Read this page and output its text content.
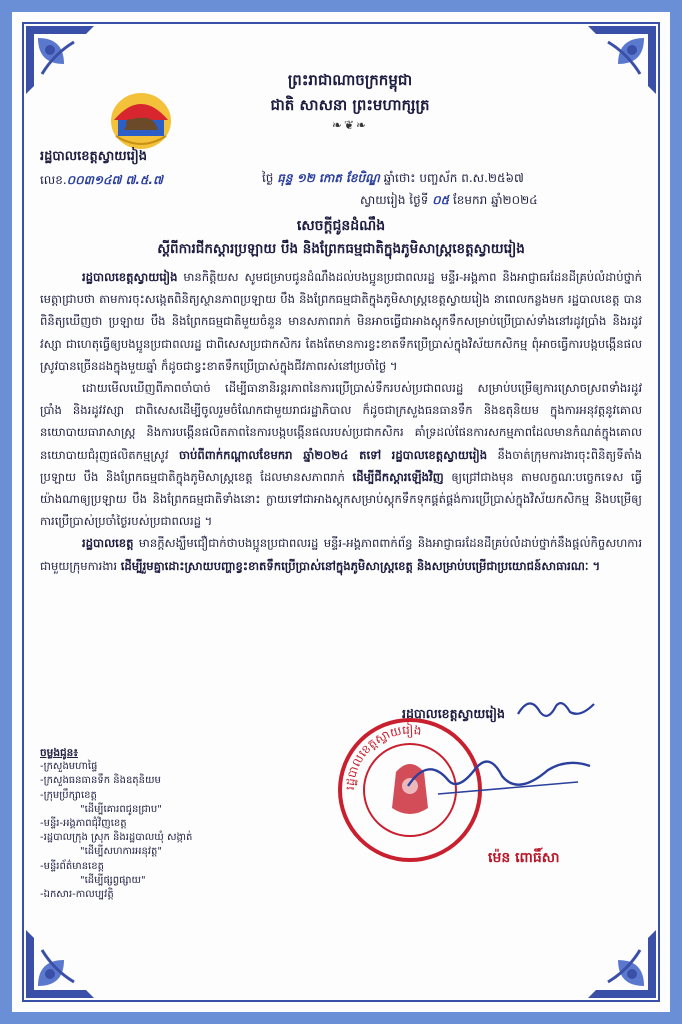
ព្រះរាជាណាចក្រកម្ពុជា
ជាតិ សាសនា ព្រះមហាក្សត្រ
❧❦❧
រដ្ឋបាលខេត្តស្វាយរៀង
លេខ.០០៣១៤៧ ៧.៥.៧	ថ្ងៃ ធុន្ទ ១២ កោត ខែបិណ្ឌ ឆ្នាំថោះ បញ្ចស័ក ព.ស.២៥៦៧
ស្វាយរៀង ថ្ងៃទី ០៥ ខែមករា ឆ្នាំ២០២៤
សេចក្តីជូនដំណឹង
ស្តីពីការជីកស្តារប្រឡាយ បឹង និងព្រែកធម្មជាតិក្នុងភូមិសាស្ត្រខេត្តស្វាយរៀង

រដ្ឋបាលខេត្តស្វាយរៀង មានកិត្តិយស សូមជម្រាបជូនដំណឹងដល់បងប្អូនប្រជាពលរដ្ឋ មន្ទីរ-អង្គភាព និងអាជ្ញាធរដែនដីគ្រប់លំដាប់ថ្នាក់ មេត្តាជ្រាបថា តាមការចុះសង្កេតពិនិត្យស្ថានភាពប្រឡាយ បឹង និងព្រែកធម្មជាតិក្នុងភូមិសាស្ត្រខេត្តស្វាយរៀង នាពេលកន្លងមក រដ្ឋបាលខេត្ត បានពិនិត្យឃើញថា ប្រឡាយ បឹង និងព្រែកធម្មជាតិមួយចំនួន មានសភាពរាក់ មិនអាចធ្វើជាអាងស្តុកទឹកសម្រាប់ប្រើប្រាស់ទាំងនៅរដូវប្រាំង និងរដូវវស្សា ជាហេតុធ្វើឲ្យបងប្អូនប្រជាពលរដ្ឋ ជាពិសេសប្រជាកសិករ តែងតែមានការខ្វះខាតទឹកប្រើប្រាស់ក្នុងវិស័យកសិកម្ម ពុំអាចធ្វើការបង្កបង្កើនផលស្រូវបានច្រើនដងក្នុងមួយឆ្នាំ ក៏ដូចជាខ្វះខាតទឹកប្រើប្រាស់ក្នុងជីវភាពរស់នៅប្រចាំថ្ងៃ ។

ដោយមើលឃើញពីភាពចាំបាច់ ដើម្បីធានានិរន្តរភាពនៃការប្រើប្រាស់ទឹករបស់ប្រជាពលរដ្ឋ សម្រាប់បម្រើឲ្យការស្រោចស្រពទាំងរដូវប្រាំង និងរដូវវស្សា ជាពិសេសដើម្បីចូលរួមចំណែកជាមួយរាជរដ្ឋាភិបាល ក៏ដូចជាក្រសួងធនធានទឹក និងឧតុនិយម ក្នុងការអនុវត្តនូវគោលនយោបាយធារាសាស្ត្រ និងការបង្កើនផលិតភាពនៃការបង្កបង្កើនផលរបស់ប្រជាកសិករ គាំទ្រដល់ផែនការសកម្មភាពដែលមានកំណត់ក្នុងគោលនយោបាយជំរុញផលិតកម្មស្រូវ ចាប់ពីពាក់កណ្តាលខែមករា ឆ្នាំ២០២៤ តទៅ រដ្ឋបាលខេត្តស្វាយរៀង នឹងចាត់ក្រុមការងារចុះពិនិត្យទីតាំងប្រឡាយ បឹង និងព្រែកធម្មជាតិក្នុងភូមិសាស្ត្រខេត្ត ដែលមានសភាពរាក់ ដើម្បីជីកស្តារឡើងវិញ ឲ្យជ្រៅជាងមុន តាមលក្ខណៈបច្ចេកទេស ធ្វើយ៉ាងណាឲ្យប្រឡាយ បឹង និងព្រែកធម្មជាតិទាំងនោះ ក្លាយទៅជាអាងស្តុកសម្រាប់ស្តុកទឹកទុកផ្គត់ផ្គង់ការប្រើប្រាស់ក្នុងវិស័យកសិកម្ម និងបម្រើឲ្យការប្រើប្រាស់ប្រចាំថ្ងៃរបស់ប្រជាពលរដ្ឋ ។

រដ្ឋបាលខេត្ត មានក្តីសង្ឃឹមជឿជាក់ថាបងប្អូនប្រជាពលរដ្ឋ មន្ទីរ-អង្គភាពពាក់ព័ន្ធ និងអាជ្ញាធរដែនដីគ្រប់លំដាប់ថ្នាក់នឹងផ្តល់កិច្ចសហការជាមួយក្រុមការងារ ដើម្បីរួមគ្នាដោះស្រាយបញ្ហាខ្វះខាតទឹកប្រើប្រាស់នៅក្នុងភូមិសាស្ត្រខេត្ត និងសម្រាប់បម្រើជាប្រយោជន៍សាធារណៈ ។

រដ្ឋបាលខេត្តស្វាយរៀង
រដ្ឋបាលខេត្តស្វាយរៀង
ម៉េន ពោធិ៍សា
ចម្លងជូន៖
-ក្រសួងមហាផ្ទៃ
-ក្រសួងធនធានទឹក និងឧតុនិយម
-ក្រុមប្រឹក្សាខេត្ត
"ដើម្បីគោរពជូនជ្រាប"
-មន្ទីរ-អង្គភាពជុំវិញខេត្ត
-រដ្ឋបាលក្រុង ស្រុក និងរដ្ឋបាលឃុំ សង្កាត់
"ដើម្បីសហការអនុវត្ត"
-មន្ទីរព័ត៌មានខេត្ត
"ដើម្បីផ្សព្វផ្សាយ"
-ឯកសារ-កាលប្បវត្តិ
